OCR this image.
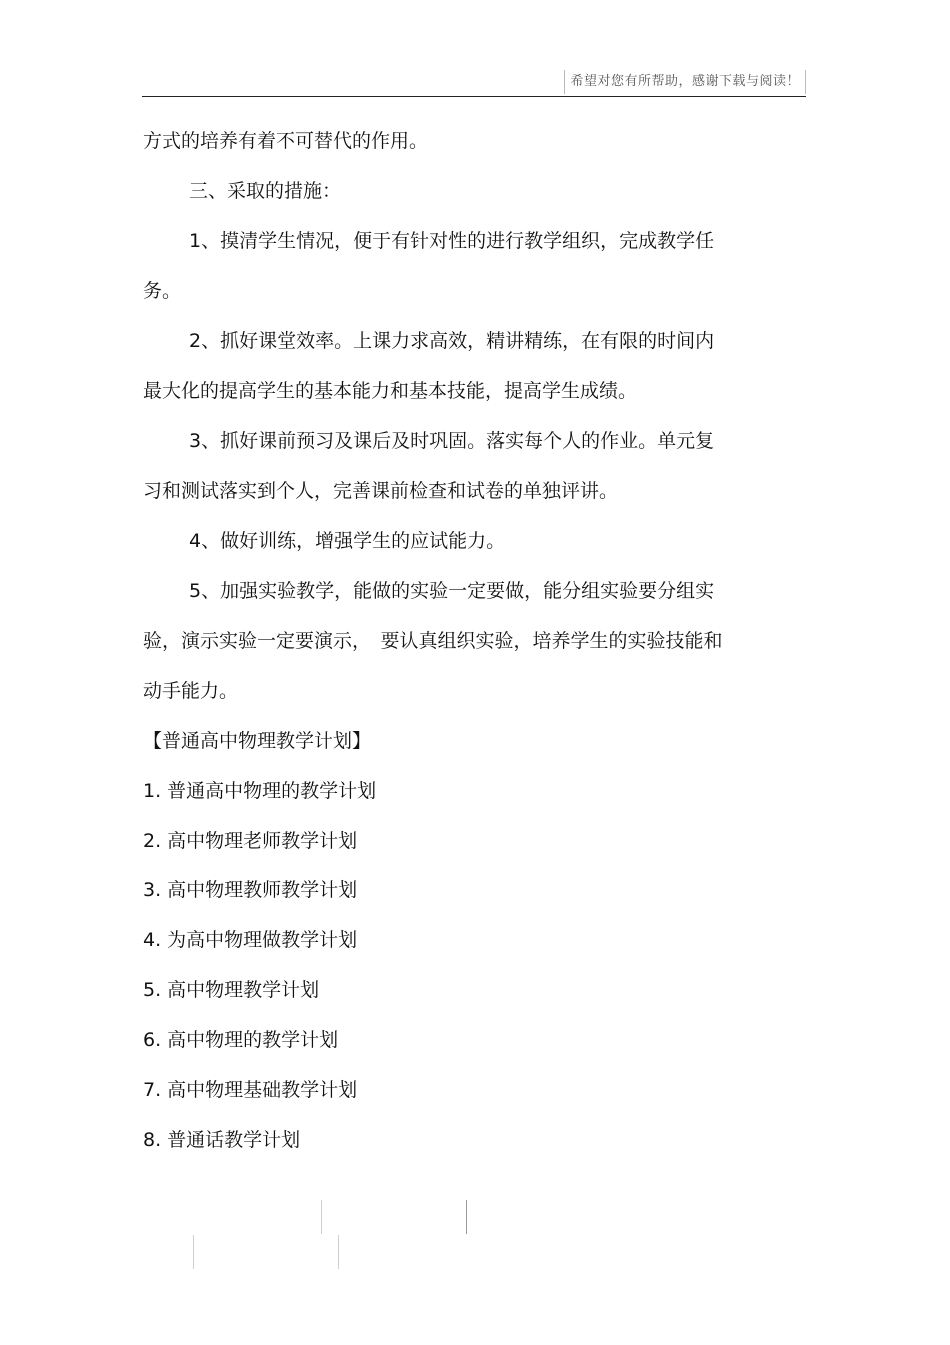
希望对您有所帮助，感谢下载与阅读！
方式的培养有着不可替代的作用。
三、采取的措施：
1、摸清学生情况，便于有针对性的进行教学组织，完成教学任
务。
2、抓好课堂效率。上课力求高效，精讲精练，在有限的时间内
最大化的提高学生的基本能力和基本技能，提高学生成绩。
3、抓好课前预习及课后及时巩固。落实每个人的作业。单元复
习和测试落实到个人，完善课前检查和试卷的单独评讲。
4、做好训练，增强学生的应试能力。
5、加强实验教学，能做的实验一定要做，能分组实验要分组实
验，演示实验一定要演示，　要认真组织实验，培养学生的实验技能和
动手能力。
【普通高中物理教学计划】
1. 普通高中物理的教学计划
2. 高中物理老师教学计划
3. 高中物理教师教学计划
4. 为高中物理做教学计划
5. 高中物理教学计划
6. 高中物理的教学计划
7. 高中物理基础教学计划
8. 普通话教学计划
